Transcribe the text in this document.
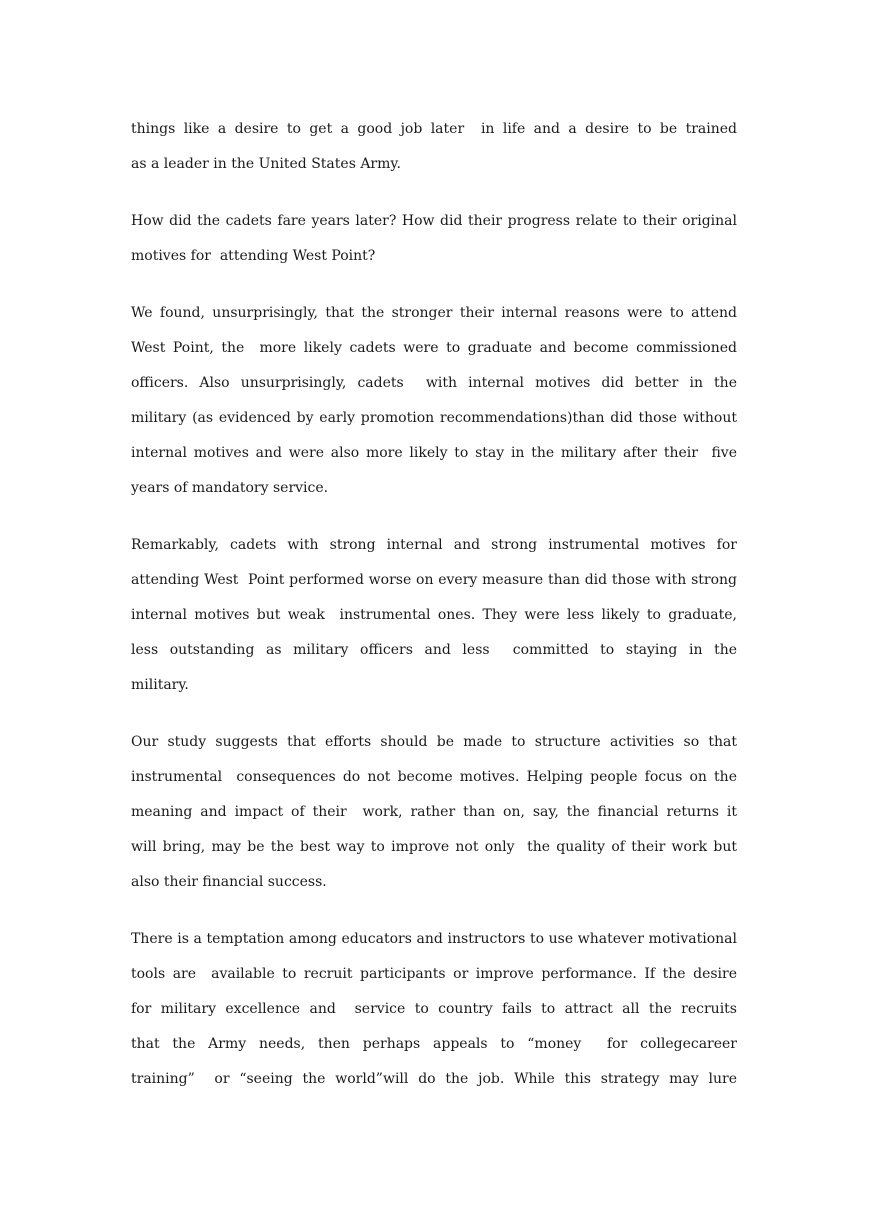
things like a desire to get a good job later  in life and a desire to be trained
as a leader in the United States Army.
How did the cadets fare years later? How did their progress relate to their original
motives for  attending West Point?
We found, unsurprisingly, that the stronger their internal reasons were to attend
West Point, the  more likely cadets were to graduate and become commissioned
officers. Also unsurprisingly, cadets  with internal motives did better in the
military (as evidenced by early promotion recommendations)than did those without
internal motives and were also more likely to stay in the military after their  five
years of mandatory service.
Remarkably, cadets with strong internal and strong instrumental motives for
attending West  Point performed worse on every measure than did those with strong
internal motives but weak  instrumental ones. They were less likely to graduate,
less outstanding as military officers and less  committed to staying in the
military.
Our study suggests that efforts should be made to structure activities so that
instrumental  consequences do not become motives. Helping people focus on the
meaning and impact of their  work, rather than on, say, the financial returns it
will bring, may be the best way to improve not only  the quality of their work but
also their financial success.
There is a temptation among educators and instructors to use whatever motivational
tools are  available to recruit participants or improve performance. If the desire
for military excellence and  service to country fails to attract all the recruits
that the Army needs, then perhaps appeals to “money  for collegecareer
training”  or “seeing the world”will do the job. While this strategy may lure
